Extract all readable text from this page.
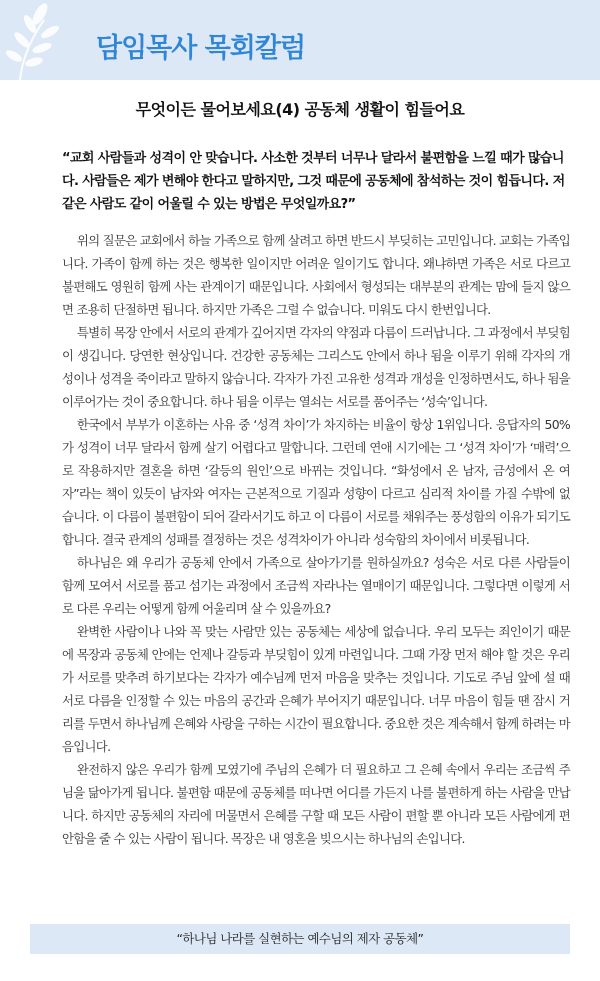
담임목사 목회칼럼
무엇이든 물어보세요(4) 공동체 생활이 힘들어요
“교회 사람들과 성격이 안 맞습니다. 사소한 것부터 너무나 달라서 불편함을 느낄 때가 많습니다. 사람들은 제가 변해야 한다고 말하지만, 그것 때문에 공동체에 참석하는 것이 힘듭니다. 저 같은 사람도 같이 어울릴 수 있는 방법은 무엇일까요?”

위의 질문은 교회에서 하늘 가족으로 함께 살려고 하면 반드시 부딪히는 고민입니다. 교회는 가족입니다. 가족이 함께 하는 것은 행복한 일이지만 어려운 일이기도 합니다. 왜냐하면 가족은 서로 다르고 불편해도 영원히 함께 사는 관계이기 때문입니다. 사회에서 형성되는 대부분의 관계는 맘에 들지 않으면 조용히 단절하면 됩니다. 하지만 가족은 그럴 수 없습니다. 미워도 다시 한번입니다.

특별히 목장 안에서 서로의 관계가 깊어지면 각자의 약점과 다름이 드러납니다. 그 과정에서 부딪힘이 생깁니다. 당연한 현상입니다. 건강한 공동체는 그리스도 안에서 하나 됨을 이루기 위해 각자의 개성이나 성격을 죽이라고 말하지 않습니다. 각자가 가진 고유한 성격과 개성을 인정하면서도, 하나 됨을 이루어가는 것이 중요합니다. 하나 됨을 이루는 열쇠는 서로를 품어주는 ‘성숙’입니다.

한국에서 부부가 이혼하는 사유 중 ‘성격 차이’가 차지하는 비율이 항상 1위입니다. 응답자의 50%가 성격이 너무 달라서 함께 살기 어렵다고 말합니다. 그런데 연애 시기에는 그 ‘성격 차이’가 ‘매력’으로 작용하지만 결혼을 하면 ‘갈등의 원인’으로 바뀌는 것입니다. “화성에서 온 남자, 금성에서 온 여자”라는 책이 있듯이 남자와 여자는 근본적으로 기질과 성향이 다르고 심리적 차이를 가질 수밖에 없습니다. 이 다름이 불편함이 되어 갈라서기도 하고 이 다름이 서로를 채워주는 풍성함의 이유가 되기도 합니다. 결국 관계의 성패를 결정하는 것은 성격차이가 아니라 성숙함의 차이에서 비롯됩니다.

하나님은 왜 우리가 공동체 안에서 가족으로 살아가기를 원하실까요? 성숙은 서로 다른 사람들이 함께 모여서 서로를 품고 섬기는 과정에서 조금씩 자라나는 열매이기 때문입니다. 그렇다면 이렇게 서로 다른 우리는 어떻게 함께 어울리며 살 수 있을까요?

완벽한 사람이나 나와 꼭 맞는 사람만 있는 공동체는 세상에 없습니다. 우리 모두는 죄인이기 때문에 목장과 공동체 안에는 언제나 갈등과 부딪힘이 있게 마련입니다. 그때 가장 먼저 해야 할 것은 우리가 서로를 맞추려 하기보다는 각자가 예수님께 먼저 마음을 맞추는 것입니다. 기도로 주님 앞에 설 때 서로 다름을 인정할 수 있는 마음의 공간과 은혜가 부어지기 때문입니다. 너무 마음이 힘들 땐 잠시 거리를 두면서 하나님께 은혜와 사랑을 구하는 시간이 필요합니다. 중요한 것은 계속해서 함께 하려는 마음입니다.

완전하지 않은 우리가 함께 모였기에 주님의 은혜가 더 필요하고 그 은혜 속에서 우리는 조금씩 주님을 닮아가게 됩니다. 불편함 때문에 공동체를 떠나면 어디를 가든지 나를 불편하게 하는 사람을 만납니다. 하지만 공동체의 자리에 머물면서 은혜를 구할 때 모든 사람이 편할 뿐 아니라 모든 사람에게 편안함을 줄 수 있는 사람이 됩니다. 목장은 내 영혼을 빚으시는 하나님의 손입니다.

“하나님 나라를 실현하는 예수님의 제자 공동체”
